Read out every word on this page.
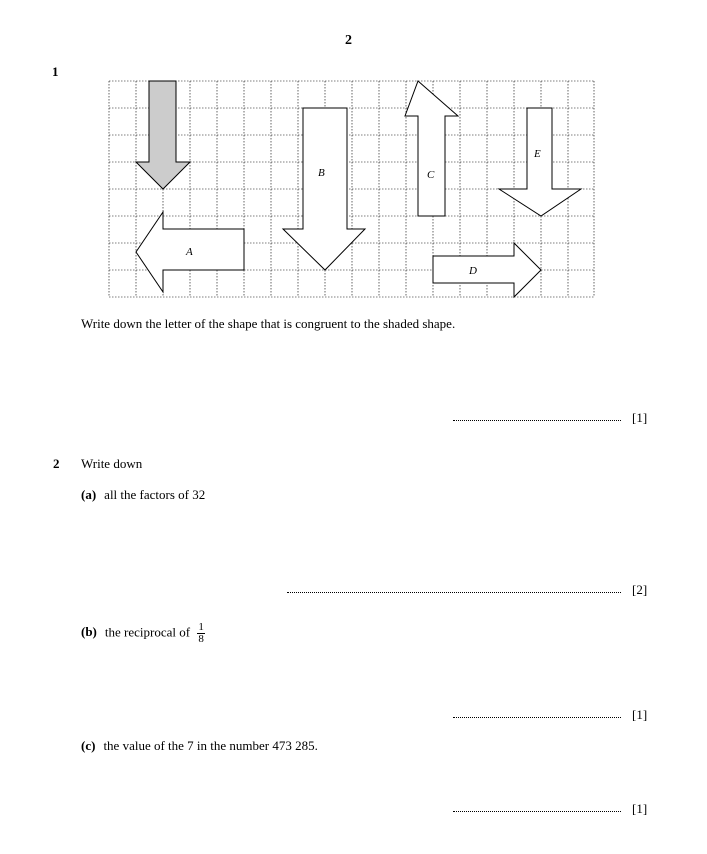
2
1
A
B	C
D
E
Write down the letter of the shape that is congruent to the shaded shape.
[1]
2 Write down
(a) all the factors of 32
[2]
(b) the reciprocal of $\frac{1}{8}$
[1]
(c) the value of the 7 in the number 473 285.
[1]
